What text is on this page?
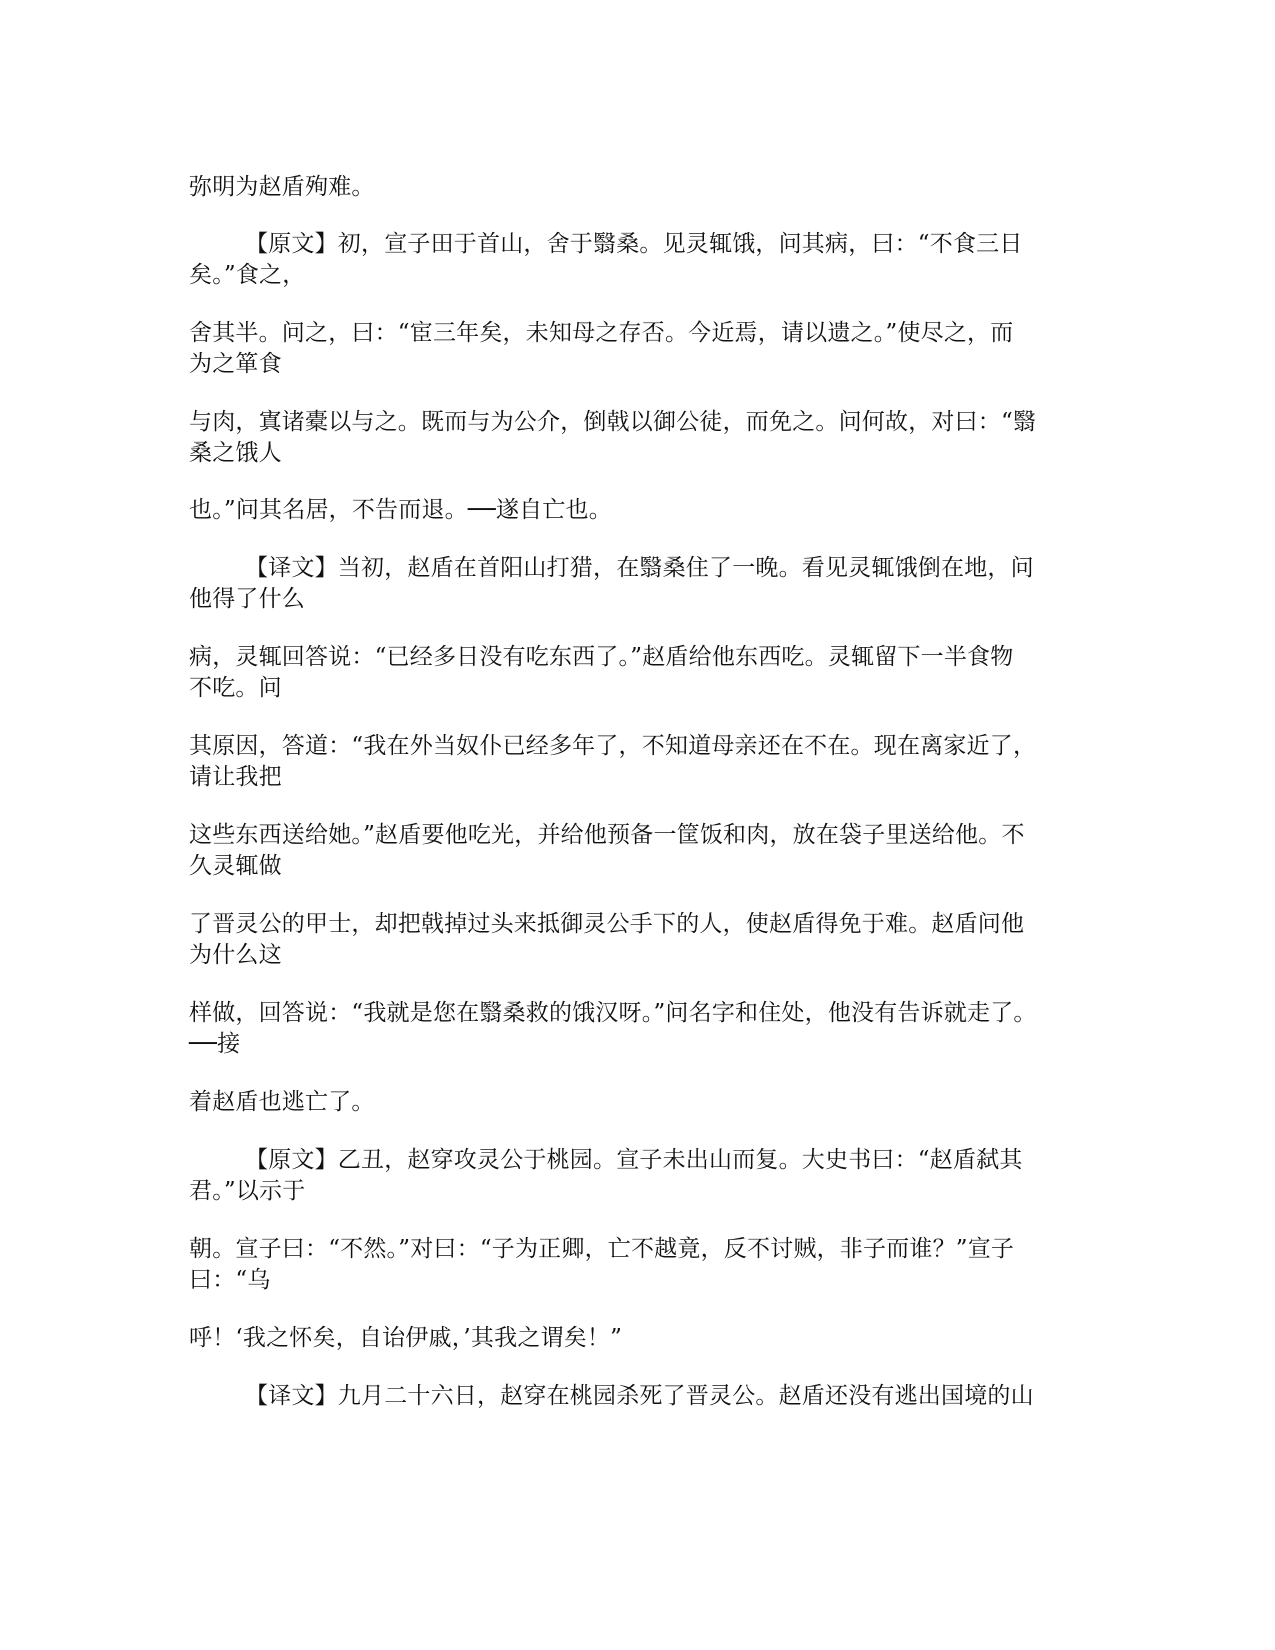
弥明为赵盾殉难。
【原文】初，宣子田于首山，舍于翳桑。见灵辄饿，问其病，曰：“不食三日
矣。”食之，
舍其半。问之，曰：“宦三年矣，未知母之存否。今近焉，请以遗之。”使尽之，而
为之箪食
与肉，寘诸橐以与之。既而与为公介，倒戟以御公徒，而免之。问何故，对曰：“翳
桑之饿人
也。”问其名居，不告而退。──遂自亡也。
【译文】当初，赵盾在首阳山打猎，在翳桑住了一晚。看见灵辄饿倒在地，问
他得了什么
病，灵辄回答说：“已经多日没有吃东西了。”赵盾给他东西吃。灵辄留下一半食物
不吃。问
其原因，答道：“我在外当奴仆已经多年了，不知道母亲还在不在。现在离家近了，
请让我把
这些东西送给她。”赵盾要他吃光，并给他预备一筐饭和肉，放在袋子里送给他。不
久灵辄做
了晋灵公的甲士，却把戟掉过头来抵御灵公手下的人，使赵盾得免于难。赵盾问他
为什么这
样做，回答说：“我就是您在翳桑救的饿汉呀。”问名字和住处，他没有告诉就走了。
──接
着赵盾也逃亡了。
【原文】乙丑，赵穿攻灵公于桃园。宣子未出山而复。大史书曰：“赵盾弑其
君。”以示于
朝。宣子曰：“不然。”对曰：“子为正卿，亡不越竟，反不讨贼，非子而谁？”宣子
曰：“乌
呼！‘我之怀矣，自诒伊戚，’其我之谓矣！”
【译文】九月二十六日，赵穿在桃园杀死了晋灵公。赵盾还没有逃出国境的山
